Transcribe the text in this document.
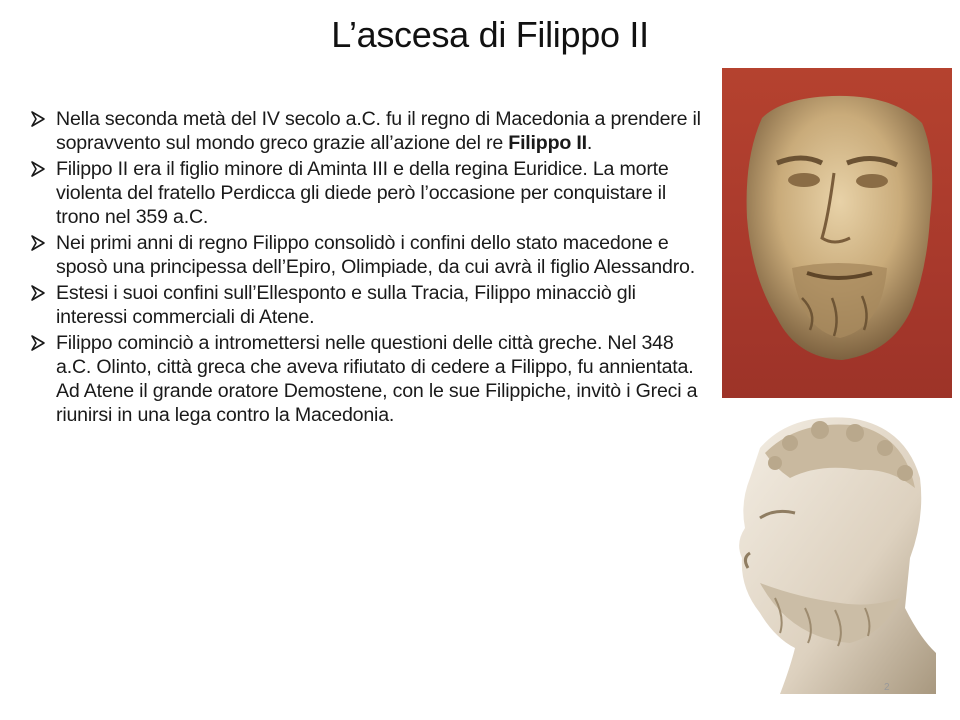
L’ascesa di Filippo II
Nella seconda metà del IV secolo a.C. fu il regno di Macedonia a prendere il sopravvento sul mondo greco grazie all’azione del re Filippo II.
Filippo II era il figlio minore di Aminta III e della regina Euridice. La morte violenta del fratello Perdicca gli diede però l’occasione per conquistare il trono nel 359 a.C.
Nei primi anni di regno Filippo consolidò i confini dello stato macedone e sposò una principessa dell’Epiro, Olimpiade, da cui avrà il figlio Alessandro.
Estesi i suoi confini sull’Ellesponto e sulla Tracia, Filippo minacciò gli interessi commerciali di Atene.
Filippo cominciò a intromettersi nelle questioni delle città greche. Nel 348 a.C. Olinto, città greca che aveva rifiutato di cedere a Filippo, fu annientata. Ad Atene il grande oratore Demostene, con le sue Filippiche, invitò i Greci a riunirsi in una lega contro la Macedonia.
2
